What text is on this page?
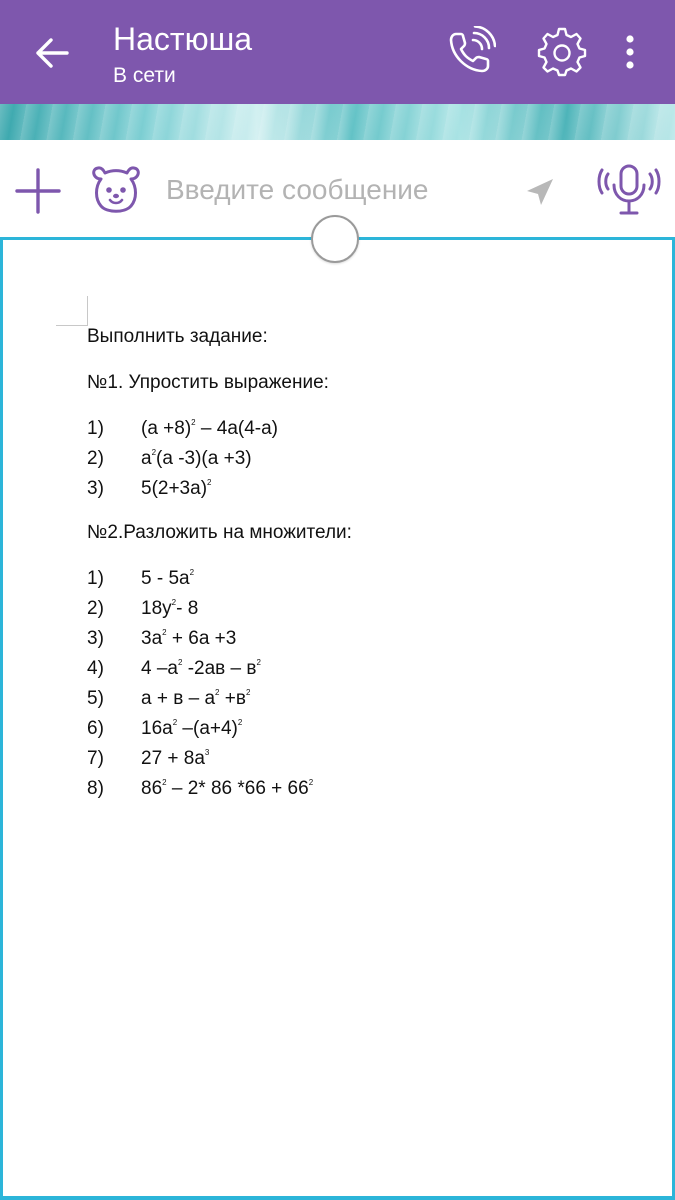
Настюша
В сети
Введите сообщение

Выполнить задание:

№1. Упростить выражение:

1)	$(а +8)^2 - 4а(4-а)$
2)	$а^2(а$ -3)(а +3)
3)	$5(2+3а)^2$

№2.Разложить на множители:

1)	$5 - 5а^2$
2)	$18у^2-$ 8
3)	$3а^2 + 6а +3$
4)	4 $-а^2$ $-2ав - в^2$
5)	$а + в - а^2 +в^2$
6)	$16а^2$ $-(а+4)^2$
7)	$27 + 8а^3$
8)	$86^2 - 2*$ 86 $*66 + 66^2$
